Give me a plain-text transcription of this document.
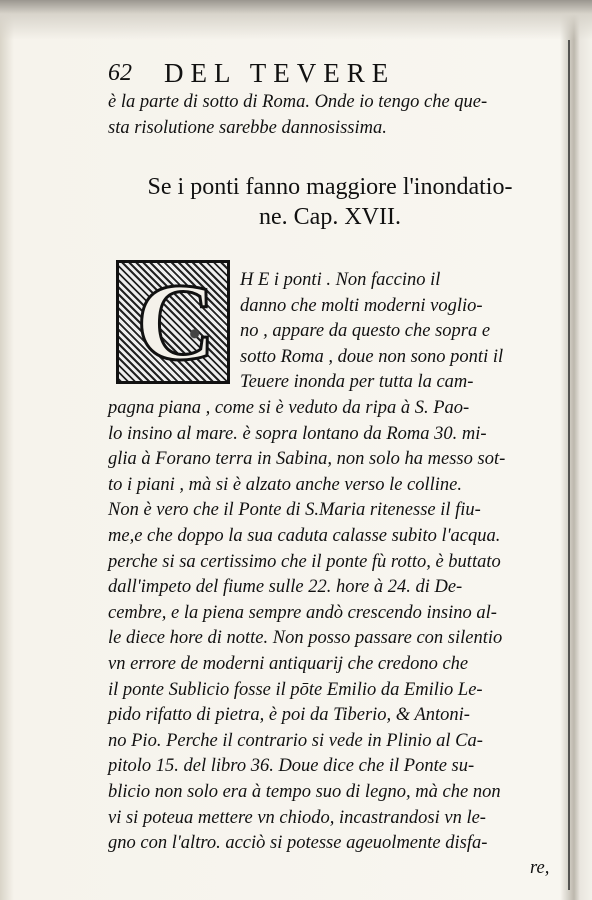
62 DEL TEVERE
è la parte di sotto di Roma. Onde io tengo che que-
sta risolutione sarebbe dannosissima.
Se i ponti fanno maggiore l'inondatio-
ne. Cap. XVII.
C H E i ponti . Non faccino il
danno che molti moderni voglio-
no , appare da questo che sopra e
sotto Roma , doue non sono ponti il
Teuere inonda per tutta la cam-
pagna piana , come si è veduto da ripa à S. Pao-
lo insino al mare. è sopra lontano da Roma 30. mi-
glia à Forano terra in Sabina, non solo ha messo sot-
to i piani , mà si è alzato anche verso le colline.
Non è vero che il Ponte di S.Maria ritenesse il fiu-
me,e che doppo la sua caduta calasse subito l'acqua.
perche si sa certissimo che il ponte fù rotto, è buttato
dall'impeto del fiume sulle 22. hore à 24. di De-
cembre, e la piena sempre andò crescendo insino al-
le diece hore di notte. Non posso passare con silentio
vn errore de moderni antiquarij che credono che
il ponte Sublicio fosse il pōte Emilio da Emilio Le-
pido rifatto di pietra, è poi da Tiberio, & Antoni-
no Pio. Perche il contrario si vede in Plinio al Ca-
pitolo 15. del libro 36. Doue dice che il Ponte su-
blicio non solo era à tempo suo di legno, mà che non
vi si poteua mettere vn chiodo, incastrandosi vn le-
gno con l'altro. acciò si potesse ageuolmente disfa-
re,
